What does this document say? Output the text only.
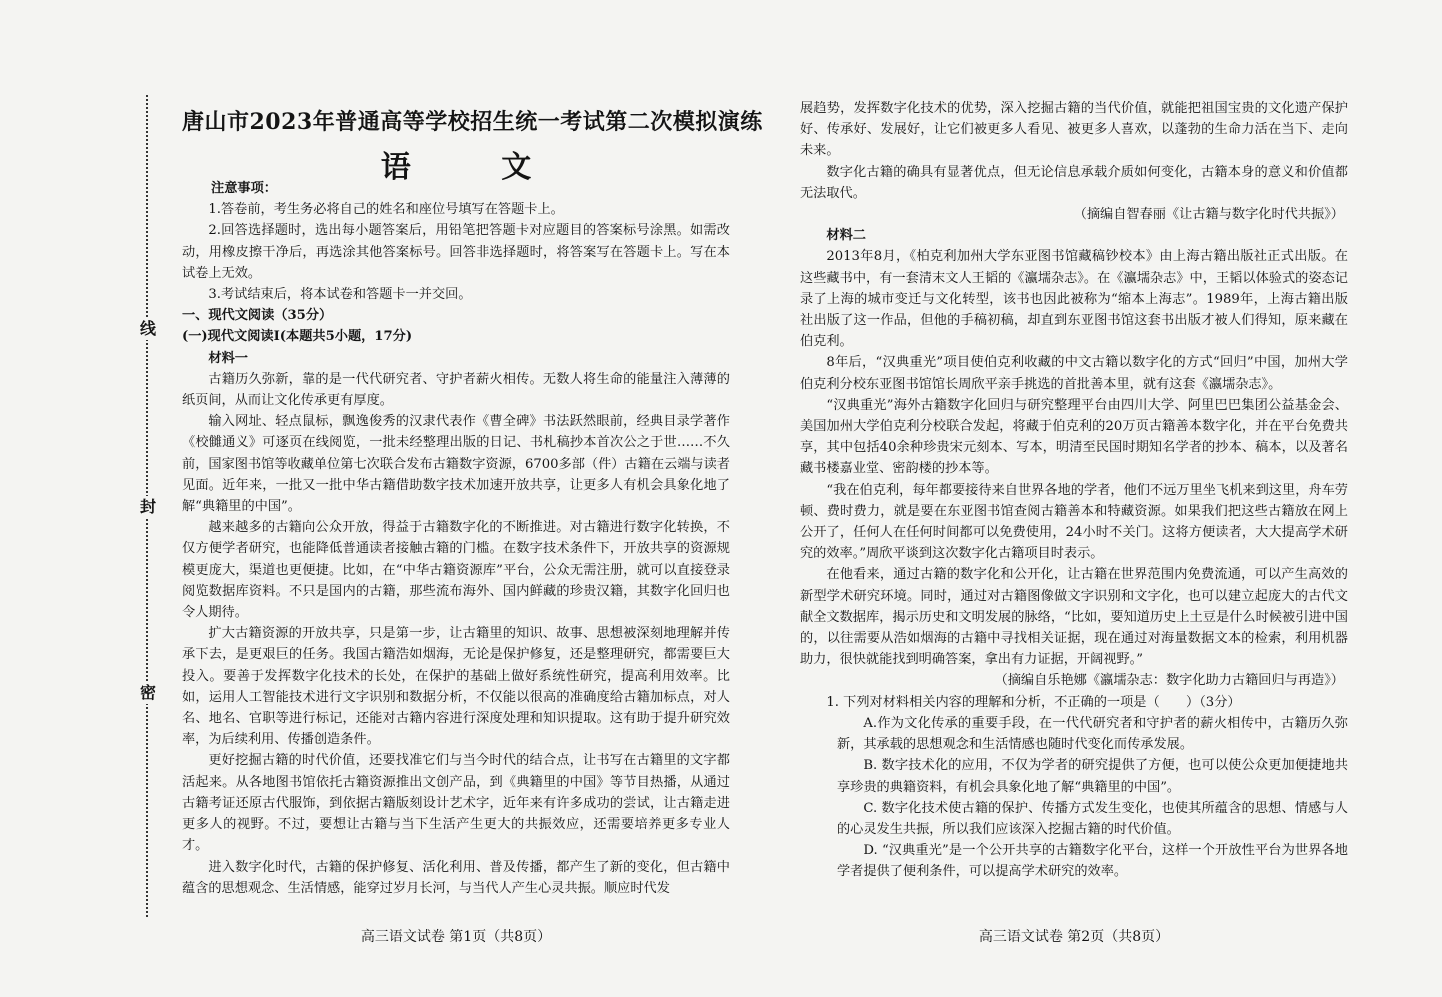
线
封
密
唐山市2023年普通高等学校招生统一考试第二次模拟演练
语 文

注意事项：

1.答卷前，考生务必将自己的姓名和座位号填写在答题卡上。

2.回答选择题时，选出每小题答案后，用铅笔把答题卡对应题目的答案标号涂黑。如需改动，用橡皮擦干净后，再选涂其他答案标号。回答非选择题时，将答案写在答题卡上。写在本试卷上无效。

3.考试结束后，将本试卷和答题卡一并交回。

一、现代文阅读（35分）

(一)现代文阅读Ⅰ(本题共5小题，17分)

材料一

古籍历久弥新，靠的是一代代研究者、守护者薪火相传。无数人将生命的能量注入薄薄的纸页间，从而让文化传承更有厚度。

输入网址、轻点鼠标，飘逸俊秀的汉隶代表作《曹全碑》书法跃然眼前，经典目录学著作《校雠通义》可逐页在线阅览，一批未经整理出版的日记、书札稿抄本首次公之于世……不久前，国家图书馆等收藏单位第七次联合发布古籍数字资源，6700多部（件）古籍在云端与读者见面。近年来，一批又一批中华古籍借助数字技术加速开放共享，让更多人有机会具象化地了解“典籍里的中国”。

越来越多的古籍向公众开放，得益于古籍数字化的不断推进。对古籍进行数字化转换，不仅方便学者研究，也能降低普通读者接触古籍的门槛。在数字技术条件下，开放共享的资源规模更庞大，渠道也更便捷。比如，在“中华古籍资源库”平台，公众无需注册，就可以直接登录阅览数据库资料。不只是国内的古籍，那些流布海外、国内鲜藏的珍贵汉籍，其数字化回归也令人期待。

扩大古籍资源的开放共享，只是第一步，让古籍里的知识、故事、思想被深刻地理解并传承下去，是更艰巨的任务。我国古籍浩如烟海，无论是保护修复，还是整理研究，都需要巨大投入。要善于发挥数字化技术的长处，在保护的基础上做好系统性研究，提高利用效率。比如，运用人工智能技术进行文字识别和数据分析，不仅能以很高的准确度给古籍加标点，对人名、地名、官职等进行标记，还能对古籍内容进行深度处理和知识提取。这有助于提升研究效率，为后续利用、传播创造条件。

更好挖掘古籍的时代价值，还要找准它们与当今时代的结合点，让书写在古籍里的文字都活起来。从各地图书馆依托古籍资源推出文创产品，到《典籍里的中国》等节目热播，从通过古籍考证还原古代服饰，到依据古籍版刻设计艺术字，近年来有许多成功的尝试，让古籍走进更多人的视野。不过，要想让古籍与当下生活产生更大的共振效应，还需要培养更多专业人才。

进入数字化时代，古籍的保护修复、活化利用、普及传播，都产生了新的变化，但古籍中蕴含的思想观念、生活情感，能穿过岁月长河，与当代人产生心灵共振。顺应时代发

高三语文试卷 第1页（共8页）

展趋势，发挥数字化技术的优势，深入挖掘古籍的当代价值，就能把祖国宝贵的文化遗产保护好、传承好、发展好，让它们被更多人看见、被更多人喜欢，以蓬勃的生命力活在当下、走向未来。

数字化古籍的确具有显著优点，但无论信息承载介质如何变化，古籍本身的意义和价值都无法取代。

（摘编自智春丽《让古籍与数字化时代共振》）

材料二

2013年8月，《柏克利加州大学东亚图书馆藏稿钞校本》由上海古籍出版社正式出版。在这些藏书中，有一套清末文人王韬的《瀛壖杂志》。在《瀛壖杂志》中，王韬以体验式的姿态记录了上海的城市变迁与文化转型，该书也因此被称为“缩本上海志”。1989年，上海古籍出版社出版了这一作品，但他的手稿初稿，却直到东亚图书馆这套书出版才被人们得知，原来藏在伯克利。

8年后，“汉典重光”项目使伯克利收藏的中文古籍以数字化的方式“回归”中国，加州大学伯克利分校东亚图书馆馆长周欣平亲手挑选的首批善本里，就有这套《瀛壖杂志》。

“汉典重光”海外古籍数字化回归与研究整理平台由四川大学、阿里巴巴集团公益基金会、美国加州大学伯克利分校联合发起，将藏于伯克利的20万页古籍善本数字化，并在平台免费共享，其中包括40余种珍贵宋元刻本、写本，明清至民国时期知名学者的抄本、稿本，以及著名藏书楼嘉业堂、密韵楼的抄本等。

“我在伯克利，每年都要接待来自世界各地的学者，他们不远万里坐飞机来到这里，舟车劳顿、费时费力，就是要在东亚图书馆查阅古籍善本和特藏资源。如果我们把这些古籍放在网上公开了，任何人在任何时间都可以免费使用，24小时不关门。这将方便读者，大大提高学术研究的效率。”周欣平谈到这次数字化古籍项目时表示。

在他看来，通过古籍的数字化和公开化，让古籍在世界范围内免费流通，可以产生高效的新型学术研究环境。同时，通过对古籍图像做文字识别和文字化，也可以建立起庞大的古代文献全文数据库，揭示历史和文明发展的脉络，“比如，要知道历史上土豆是什么时候被引进中国的，以往需要从浩如烟海的古籍中寻找相关证据，现在通过对海量数据文本的检索，利用机器助力，很快就能找到明确答案，拿出有力证据，开阔视野。”

（摘编自乐艳娜《瀛壖杂志：数字化助力古籍回归与再造》）

1. 下列对材料相关内容的理解和分析，不正确的一项是（　　）（3分）

A.作为文化传承的重要手段，在一代代研究者和守护者的薪火相传中，古籍历久弥新，其承载的思想观念和生活情感也随时代变化而传承发展。

B. 数字技术化的应用，不仅为学者的研究提供了方便，也可以使公众更加便捷地共享珍贵的典籍资料，有机会具象化地了解“典籍里的中国”。

C. 数字化技术使古籍的保护、传播方式发生变化，也使其所蕴含的思想、情感与人的心灵发生共振，所以我们应该深入挖掘古籍的时代价值。

D. “汉典重光”是一个公开共享的古籍数字化平台，这样一个开放性平台为世界各地学者提供了便利条件，可以提高学术研究的效率。

高三语文试卷 第2页（共8页）
